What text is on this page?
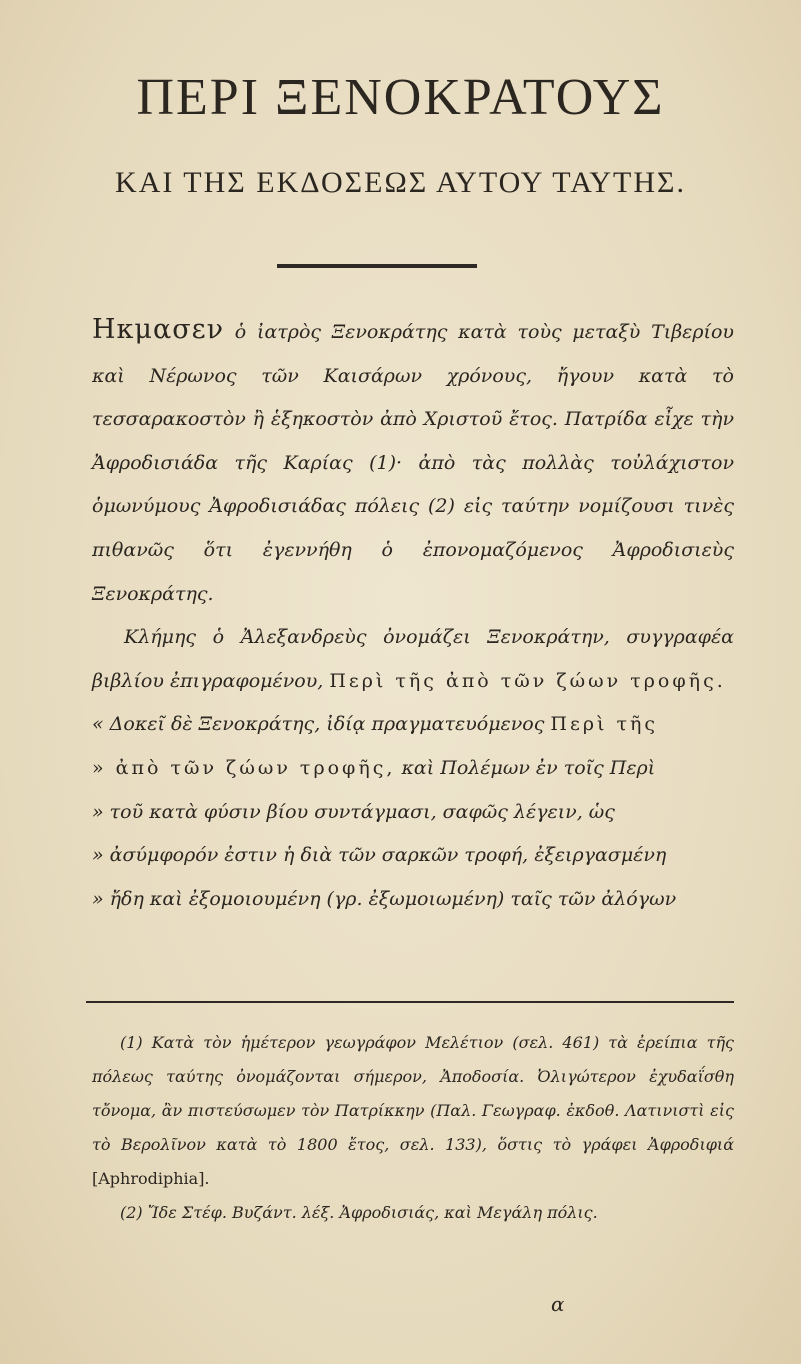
ΠΕΡΙ ΞΕΝΟΚΡΑΤΟΥΣ
ΚΑΙ ΤΗΣ ΕΚΔΟΣΕΩΣ ΑΥΤΟΥ ΤΑΥΤΗΣ.

Ηκμασεν ὁ ἰατρὸς Ξενοκράτης κατὰ τοὺς μεταξὺ Τιβερίου καὶ Νέρωνος τῶν Καισάρων χρόνους, ἤγουν κατὰ τὸ τεσσαρακοστὸν ἢ ἑξηκοστὸν ἀπὸ Χριστοῦ ἔτος. Πατρίδα εἶχε τὴν Ἀφροδισιάδα τῆς Καρίας (1)· ἀπὸ τὰς πολλὰς τοὐλάχιστον ὁμωνύμους Ἀφροδισιάδας πόλεις (2) εἰς ταύτην νομίζουσι τινὲς πιθανῶς ὅτι ἐγεννήθη ὁ ἐπονομαζόμενος Ἀφροδισιεὺς Ξενοκράτης.

Κλήμης ὁ Ἀλεξανδρεὺς ὀνομάζει Ξενοκράτην, συγγραφέα βιβλίου ἐπιγραφομένου, Περὶ τῆς ἀπὸ τῶν ζώων τροφῆς.

« Δοκεῖ δὲ Ξενοκράτης, ἰδίᾳ πραγματευόμενος Περὶ τῆς
» ἀπὸ τῶν ζώων τροφῆς, καὶ Πολέμων ἐν τοῖς Περὶ
» τοῦ κατὰ φύσιν βίου συντάγμασι, σαφῶς λέγειν, ὡς
» ἀσύμφορόν ἐστιν ἡ διὰ τῶν σαρκῶν τροφή, ἐξειργασμένη
» ἤδη καὶ ἐξομοιουμένη (γρ. ἐξωμοιωμένη) ταῖς τῶν ἀλόγων

(1) Κατὰ τὸν ἡμέτερον γεωγράφον Μελέτιον (σελ. 461) τὰ ἐρείπια τῆς πόλεως ταύτης ὀνομάζονται σήμερον, Ἀποδοσία. Ὀλιγώτερον ἐχυδαΐσθη τὄνομα, ἂν πιστεύσωμεν τὸν Πατρίκκην (Παλ. Γεωγραφ. ἐκδοθ. Λατινιστὶ εἰς τὸ Βερολῖνον κατὰ τὸ 1800 ἔτος, σελ. 133), ὅστις τὸ γράφει Ἀφροδιφιά [Aphrodiphia].

(2) Ἴδε Στέφ. Βυζάντ. λέξ. Ἀφροδισιάς, καὶ Μεγάλη πόλις.

α
